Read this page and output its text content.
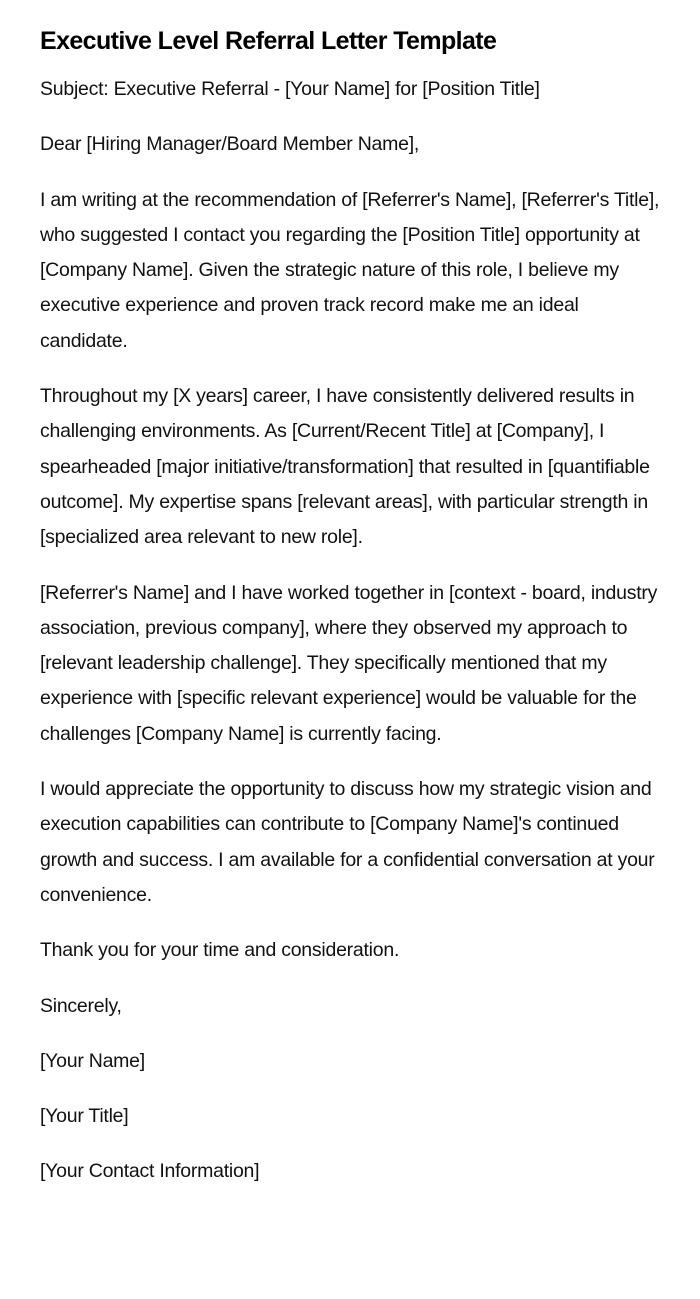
Executive Level Referral Letter Template

Subject: Executive Referral - [Your Name] for [Position Title]

Dear [Hiring Manager/Board Member Name],

I am writing at the recommendation of [Referrer's Name], [Referrer's Title], who suggested I contact you regarding the [Position Title] opportunity at [Company Name]. Given the strategic nature of this role, I believe my executive experience and proven track record make me an ideal candidate.

Throughout my [X years] career, I have consistently delivered results in challenging environments. As [Current/Recent Title] at [Company], I spearheaded [major initiative/transformation] that resulted in [quantifiable outcome]. My expertise spans [relevant areas], with particular strength in [specialized area relevant to new role].

[Referrer's Name] and I have worked together in [context - board, industry association, previous company], where they observed my approach to [relevant leadership challenge]. They specifically mentioned that my experience with [specific relevant experience] would be valuable for the challenges [Company Name] is currently facing.

I would appreciate the opportunity to discuss how my strategic vision and execution capabilities can contribute to [Company Name]'s continued growth and success. I am available for a confidential conversation at your convenience.

Thank you for your time and consideration.

Sincerely,

[Your Name]

[Your Title]

[Your Contact Information]
